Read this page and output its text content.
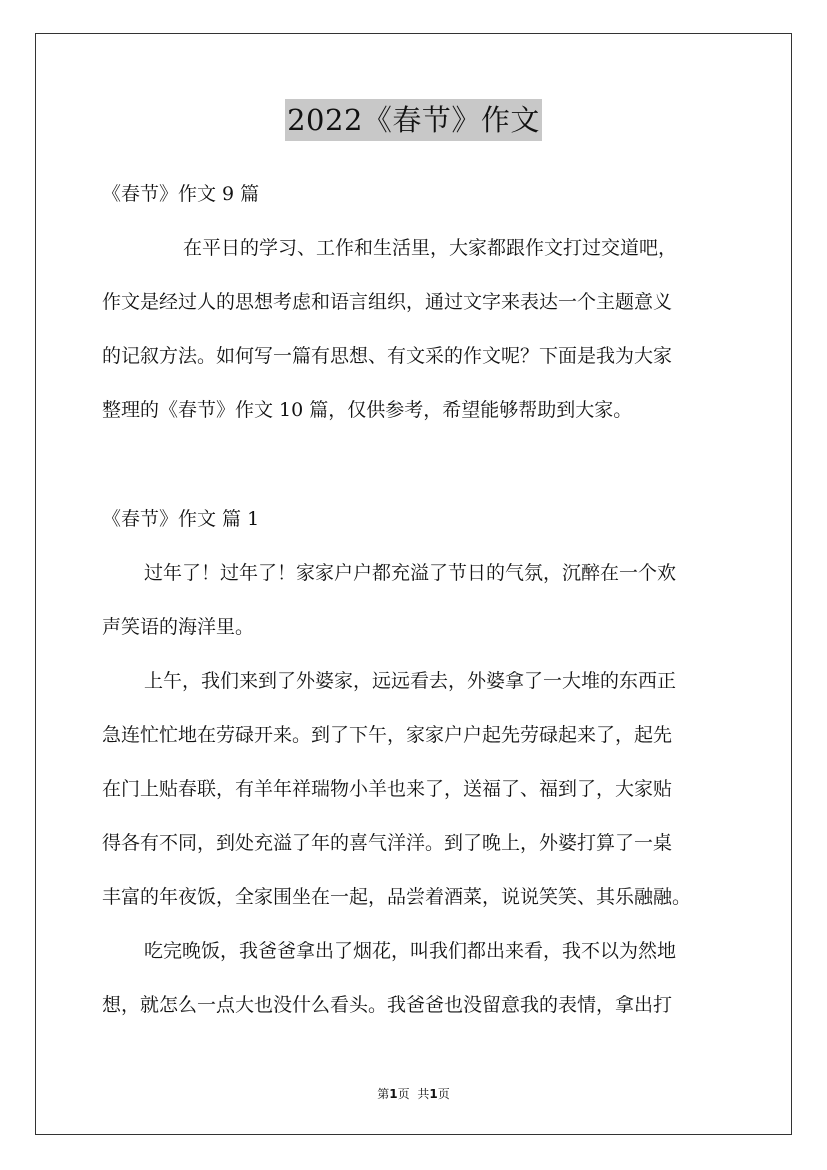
2022《春节》作文
《春节》作文 9 篇
在平日的学习、工作和生活里，大家都跟作文打过交道吧，
作文是经过人的思想考虑和语言组织，通过文字来表达一个主题意义
的记叙方法。如何写一篇有思想、有文采的作文呢？下面是我为大家
整理的《春节》作文 10 篇，仅供参考，希望能够帮助到大家。
《春节》作文 篇 1
过年了！过年了！家家户户都充溢了节日的气氛，沉醉在一个欢
声笑语的海洋里。
上午，我们来到了外婆家，远远看去，外婆拿了一大堆的东西正
急连忙忙地在劳碌开来。到了下午，家家户户起先劳碌起来了，起先
在门上贴春联，有羊年祥瑞物小羊也来了，送福了、福到了，大家贴
得各有不同，到处充溢了年的喜气洋洋。到了晚上，外婆打算了一桌
丰富的年夜饭，全家围坐在一起，品尝着酒菜，说说笑笑、其乐融融。
吃完晚饭，我爸爸拿出了烟花，叫我们都出来看，我不以为然地
想，就怎么一点大也没什么看头。我爸爸也没留意我的表情，拿出打
第1页 共1页
